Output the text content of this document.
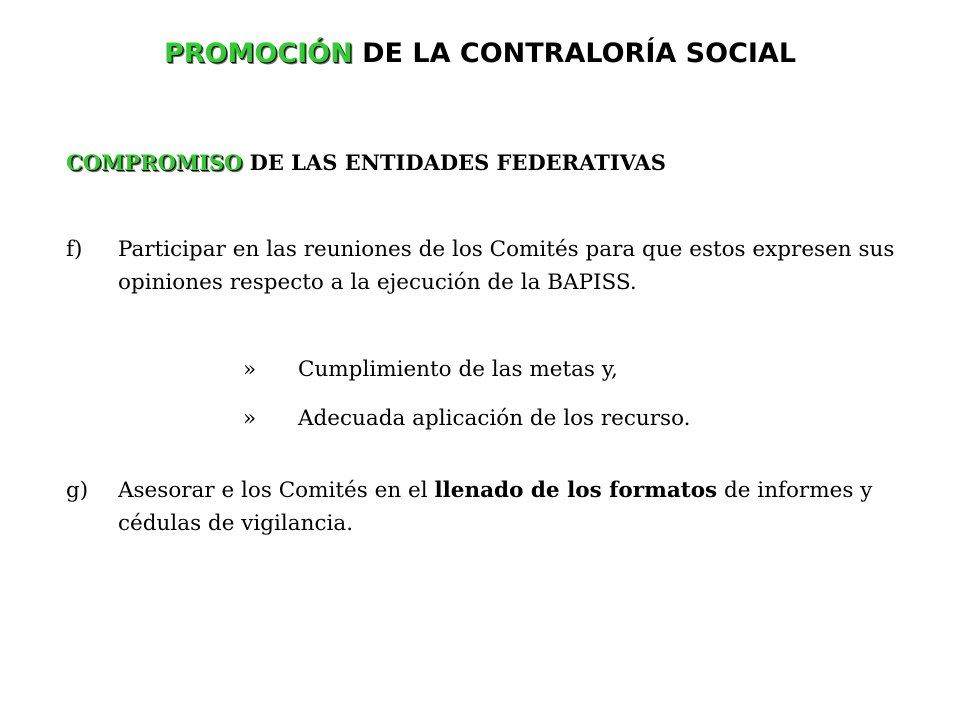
PROMOCIÓN DE LA CONTRALORÍA SOCIAL
COMPROMISO DE LAS ENTIDADES FEDERATIVAS
f) Participar en las reuniones de los Comités para que estos expresen sus opiniones respecto a la ejecución de la BAPISS.
» Cumplimiento de las metas y,
» Adecuada aplicación de los recurso.
g) Asesorar e los Comités en el llenado de los formatos de informes y cédulas de vigilancia.
